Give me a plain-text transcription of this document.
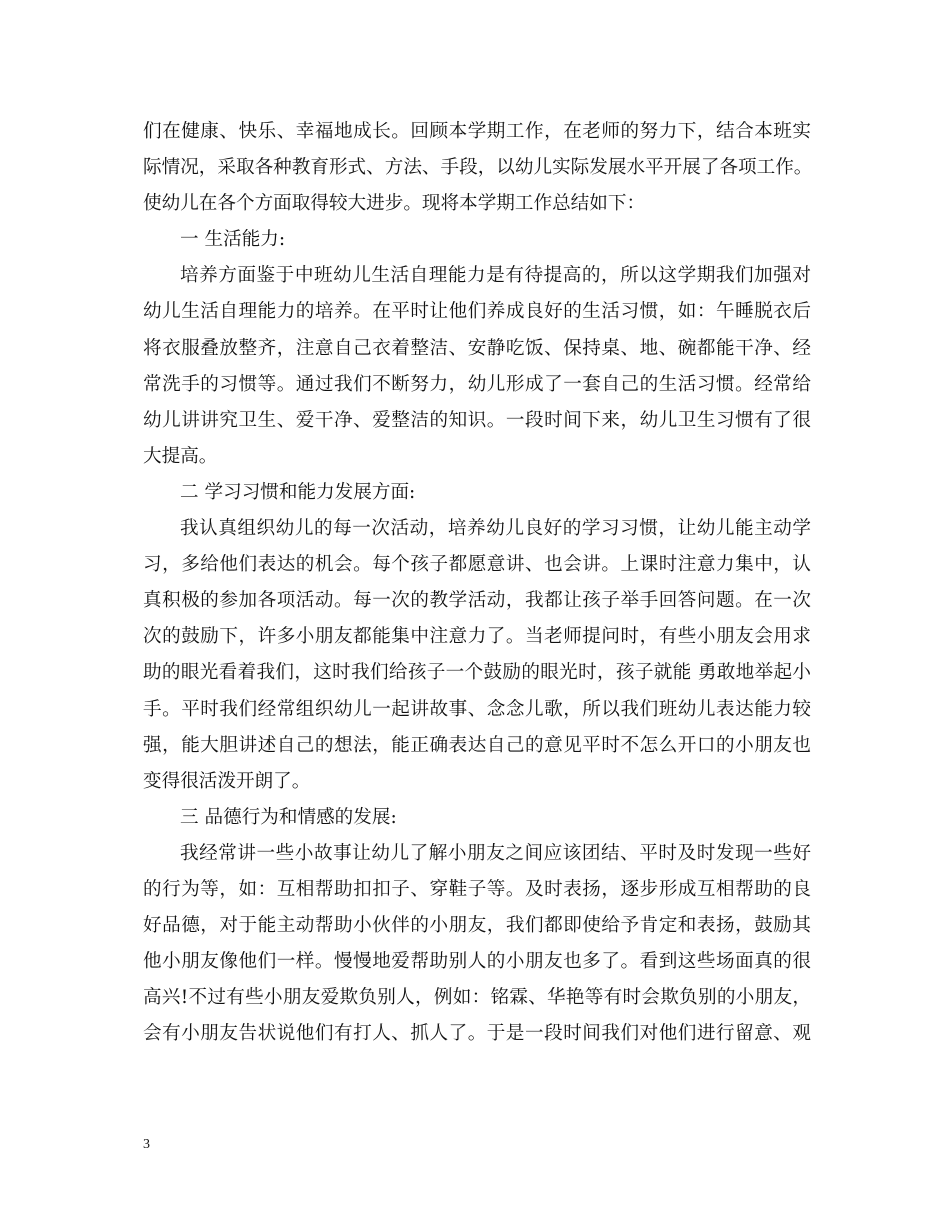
们在健康、快乐、幸福地成长。回顾本学期工作，在老师的努力下，结合本班实
际情况，采取各种教育形式、方法、手段，以幼儿实际发展水平开展了各项工作。
使幼儿在各个方面取得较大进步。现将本学期工作总结如下：
一 生活能力:
培养方面鉴于中班幼儿生活自理能力是有待提高的，所以这学期我们加强对
幼儿生活自理能力的培养。在平时让他们养成良好的生活习惯，如：午睡脱衣后
将衣服叠放整齐，注意自己衣着整洁、安静吃饭、保持桌、地、碗都能干净、经
常洗手的习惯等。通过我们不断努力，幼儿形成了一套自己的生活习惯。经常给
幼儿讲讲究卫生、爱干净、爱整洁的知识。一段时间下来，幼儿卫生习惯有了很
大提高。
二 学习习惯和能力发展方面:
我认真组织幼儿的每一次活动，培养幼儿良好的学习习惯，让幼儿能主动学
习，多给他们表达的机会。每个孩子都愿意讲、也会讲。上课时注意力集中，认
真积极的参加各项活动。每一次的教学活动，我都让孩子举手回答问题。在一次
次的鼓励下，许多小朋友都能集中注意力了。当老师提问时，有些小朋友会用求
助的眼光看着我们，这时我们给孩子一个鼓励的眼光时，孩子就能 勇敢地举起小
手。平时我们经常组织幼儿一起讲故事、念念儿歌，所以我们班幼儿表达能力较
强，能大胆讲述自己的想法，能正确表达自己的意见平时不怎么开口的小朋友也
变得很活泼开朗了。
三 品德行为和情感的发展:
我经常讲一些小故事让幼儿了解小朋友之间应该团结、平时及时发现一些好
的行为等，如：互相帮助扣扣子、穿鞋子等。及时表扬，逐步形成互相帮助的良
好品德，对于能主动帮助小伙伴的小朋友，我们都即使给予肯定和表扬，鼓励其
他小朋友像他们一样。慢慢地爱帮助别人的小朋友也多了。看到这些场面真的很
高兴!不过有些小朋友爱欺负别人，例如：铭霖、华艳等有时会欺负别的小朋友，
会有小朋友告状说他们有打人、抓人了。于是一段时间我们对他们进行留意、观
3
